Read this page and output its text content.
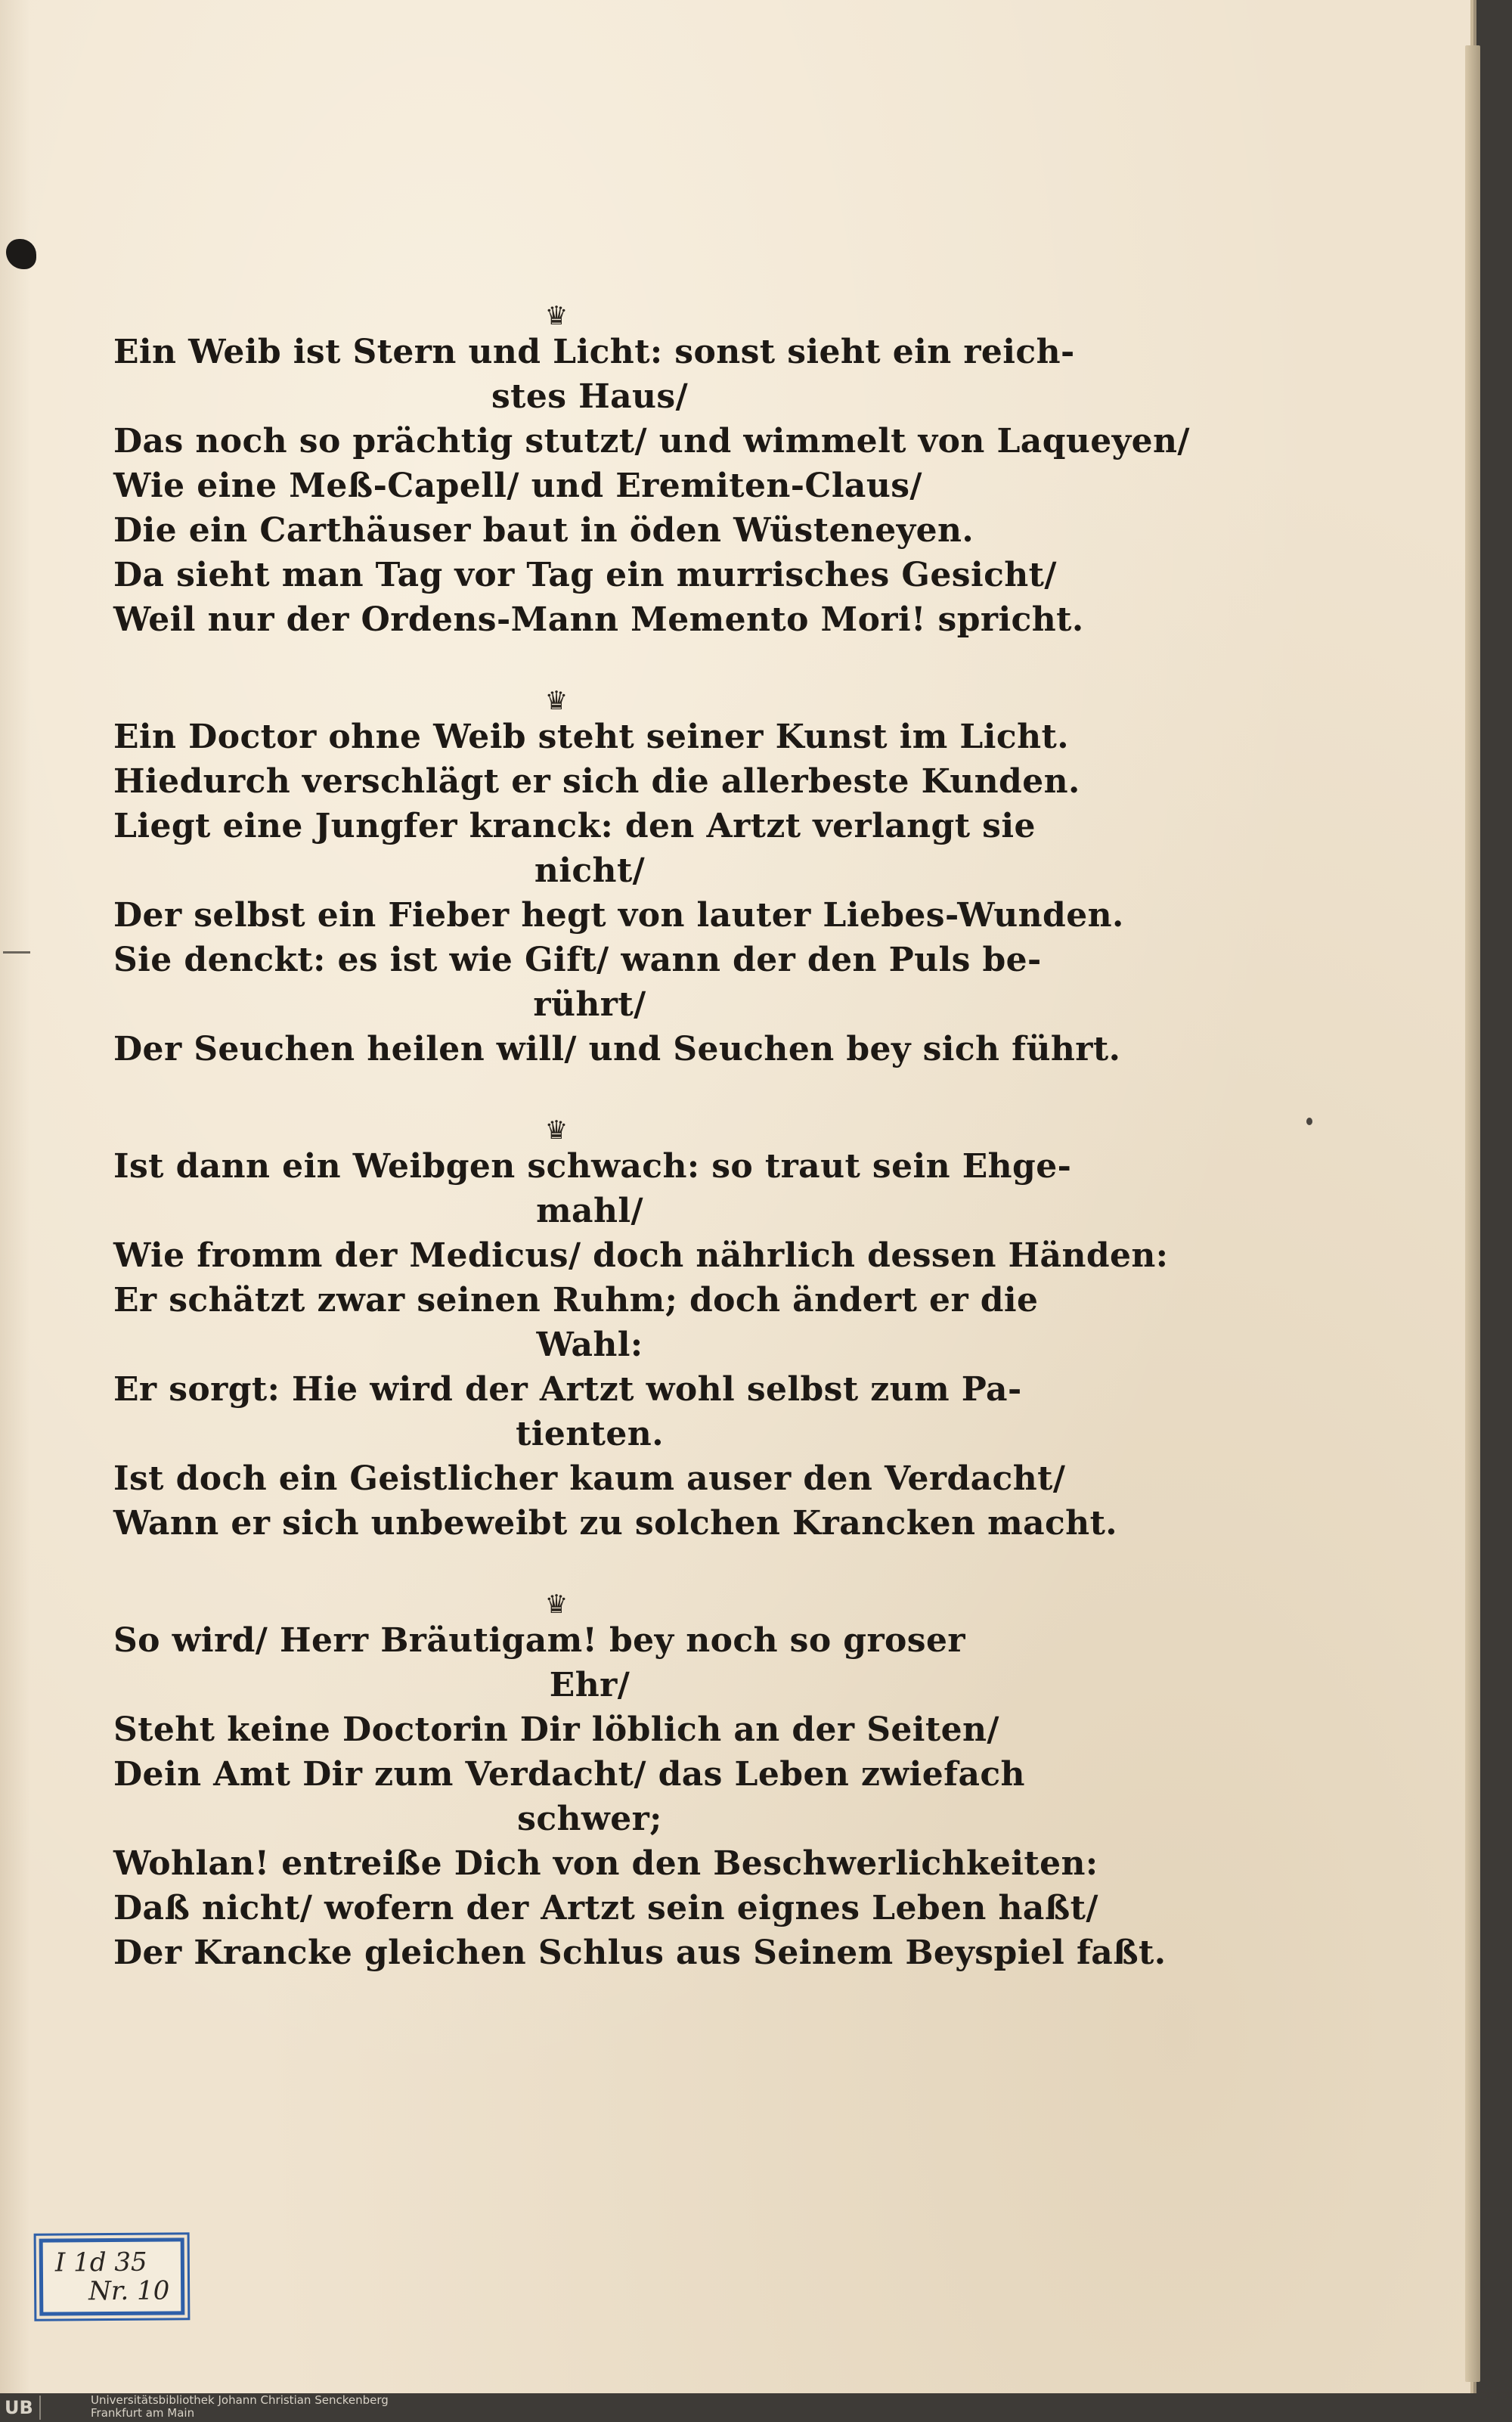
♛
Ein Weib ist Stern und Licht: sonst sieht ein reich-
stes Haus/
Das noch so prächtig stutzt/ und wimmelt von Laqueyen/
Wie eine Meß-Capell/ und Eremiten-Claus/
Die ein Carthäuser baut in öden Wüsteneyen.
Da sieht man Tag vor Tag ein murrisches Gesicht/
Weil nur der Ordens-Mann Memento Mori! spricht.
♛
Ein Doctor ohne Weib steht seiner Kunst im Licht.
Hiedurch verschlägt er sich die allerbeste Kunden.
Liegt eine Jungfer kranck: den Artzt verlangt sie
nicht/
Der selbst ein Fieber hegt von lauter Liebes-Wunden.
Sie denckt: es ist wie Gift/ wann der den Puls be-
rührt/
Der Seuchen heilen will/ und Seuchen bey sich führt.
♛
Ist dann ein Weibgen schwach: so traut sein Ehge-
mahl/
Wie fromm der Medicus/ doch nährlich dessen Händen:
Er schätzt zwar seinen Ruhm; doch ändert er die
Wahl:
Er sorgt: Hie wird der Artzt wohl selbst zum Pa-
tienten.
Ist doch ein Geistlicher kaum auser den Verdacht/
Wann er sich unbeweibt zu solchen Krancken macht.
♛
So wird/ Herr Bräutigam! bey noch so groser
Ehr/
Steht keine Doctorin Dir löblich an der Seiten/
Dein Amt Dir zum Verdacht/ das Leben zwiefach
schwer;
Wohlan! entreiße Dich von den Beschwerlichkeiten:
Daß nicht/ wofern der Artzt sein eignes Leben haßt/
Der Krancke gleichen Schlus aus Seinem Beyspiel faßt.
I 1d 35
Nr. 10
UB	Universitätsbibliothek Johann Christian Senckenberg
Frankfurt am Main
